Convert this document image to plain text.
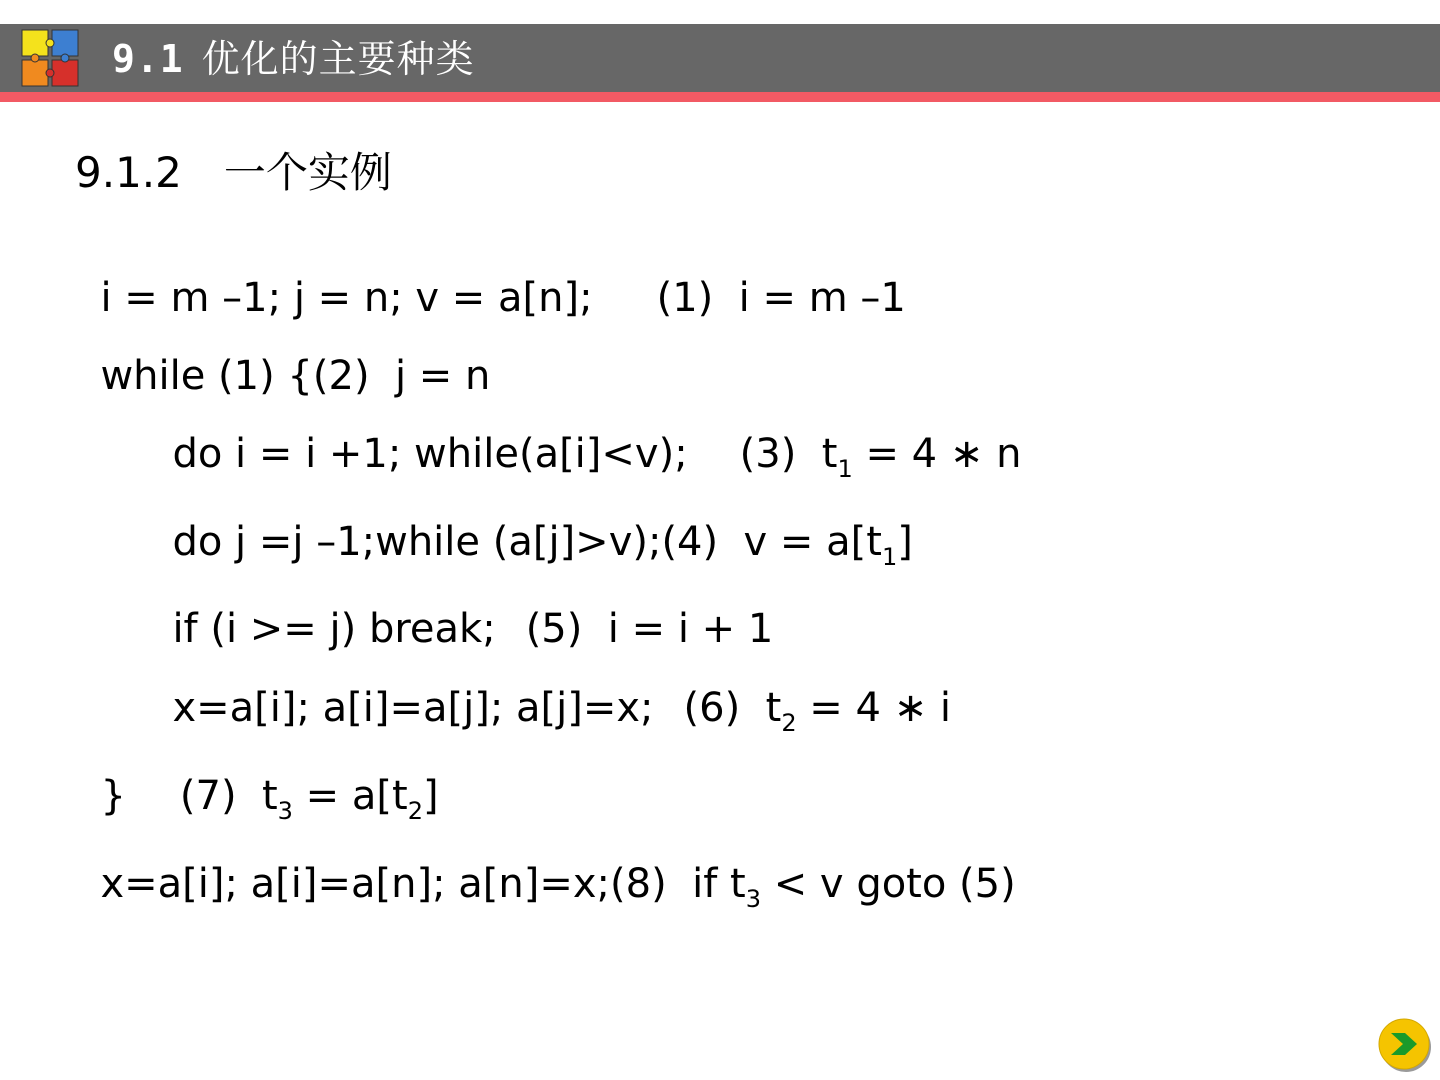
9.1 优化的主要种类
9.1.2 一个实例

i = m –1; j = n; v = a[n]; (1)  i = m –1

while (1) {(2)  j = n

do i = i +1; while(a[i]<v); (3)  $t_1 = 4$ ∗ n

do j =j –1;while (a[j]>v);(4)  $v = a[t_1]$

if (i >= j) break; (5)  i = i + 1

x=a[i]; a[i]=a[j]; a[j]=x; (6)  $t_2 = 4$ ∗ i

} (7)  $t_3 = a[t_2]$

x=a[i]; a[i]=a[n]; a[n]=x;(8)  if $t_3 < v$ goto (5)
